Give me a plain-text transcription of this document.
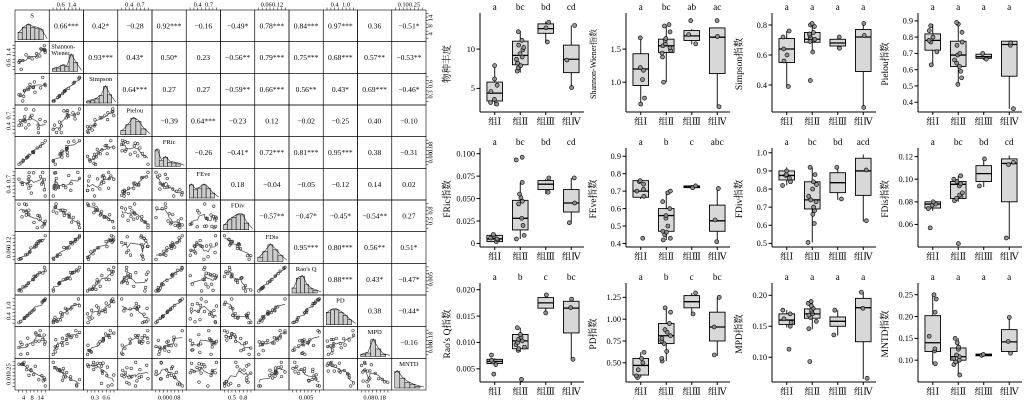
S
0.66*** 0.42* −0.28 0.92*** −0.16 −0.49* 0.78*** 0.84*** 0.97*** 0.36 −0.51*
Shannon-
Wiener 0.93*** 0.43* 0.50*	0.23 −0.56** 0.79*** 0.75*** 0.68*** 0.57** −0.53**
Simpson
0.64*** 0.27	0.27 −0.59** 0.66*** 0.56** 0.43* 0.69*** −0.46*
Pielou
−0.39 0.64*** −0.23 0.12 −0.02 −0.25 0.40 −0.10
FRic
−0.26 −0.41* 0.72*** 0.81*** 0.95*** 0.38 −0.31
FEve
0.18 −0.04 −0.05 −0.12 0.14	0.02
FDiv
−0.57** −0.47* −0.45* −0.54** 0.27
FDis
0.95*** 0.80*** 0.56** 0.51*
Rao's Q
0.88*** 0.43* −0.47*
PD
0.38 −0.44*
MPD
−0.16
MNTD
0.6 1.4	0.4 0.7	0.4 0.7	0.06 0.12	0.4 1.0	0.10 0.25
4 8 14	0.3 0.6	0.00 0.08	0.5 0.8	0.005	0.08 0.18
0.6
1.4
0.4
0.7
0.4
0.7
0.06
0.12
0.4
1.0
0.01
0.25
4
8
14
0.3
0.6
0.00
0.08
0.5
0.8
0.005
0.08
0.18
5
10
物种丰度
组Ⅰ 组Ⅱ 组Ⅲ 组Ⅳ
a bc bd cd
1.0
1.5
Shannon-Wiener指数
组Ⅰ 组Ⅱ 组Ⅲ 组Ⅳ
a bc ab ac
0.4
0.6
0.8
Simpson指数
组Ⅰ 组Ⅱ 组Ⅲ 组Ⅳ
a a a a
0.4
0.5
0.6
0.7
0.8
0.9
Pielou指数
组Ⅰ 组Ⅱ 组Ⅲ 组Ⅳ
a a a a
0
0.025
0.050
0.075
0.100
FRic指数
组Ⅰ 组Ⅱ 组Ⅲ 组Ⅳ
a bc bd cd
0.4
0.5
0.6
0.7
0.8
0.9
FEve指数
组Ⅰ 组Ⅱ 组Ⅲ 组Ⅳ
a b c abc
0.5
0.6
0.7
0.8
0.9
1.0
FDiv指数
组Ⅰ 组Ⅱ 组Ⅲ 组Ⅳ
a bc bd acd
0.06
0.08
0.10
0.12
FDis指数
组Ⅰ 组Ⅱ 组Ⅲ 组Ⅳ
a bc bd cd
0.005
0.010
0.015
0.020
Rao's Q指数
组Ⅰ 组Ⅱ 组Ⅲ 组Ⅳ
a b c bc
0.50
0.75
1.00
1.25
PD指数
组Ⅰ 组Ⅱ 组Ⅲ 组Ⅳ
a b c bc
0.10
0.15
0.20
MPD指数
组Ⅰ 组Ⅱ 组Ⅲ 组Ⅳ
a a a a
0.10
0.15
0.20
0.25
MNTD指数
组Ⅰ 组Ⅱ 组Ⅲ 组Ⅳ
a a a a
